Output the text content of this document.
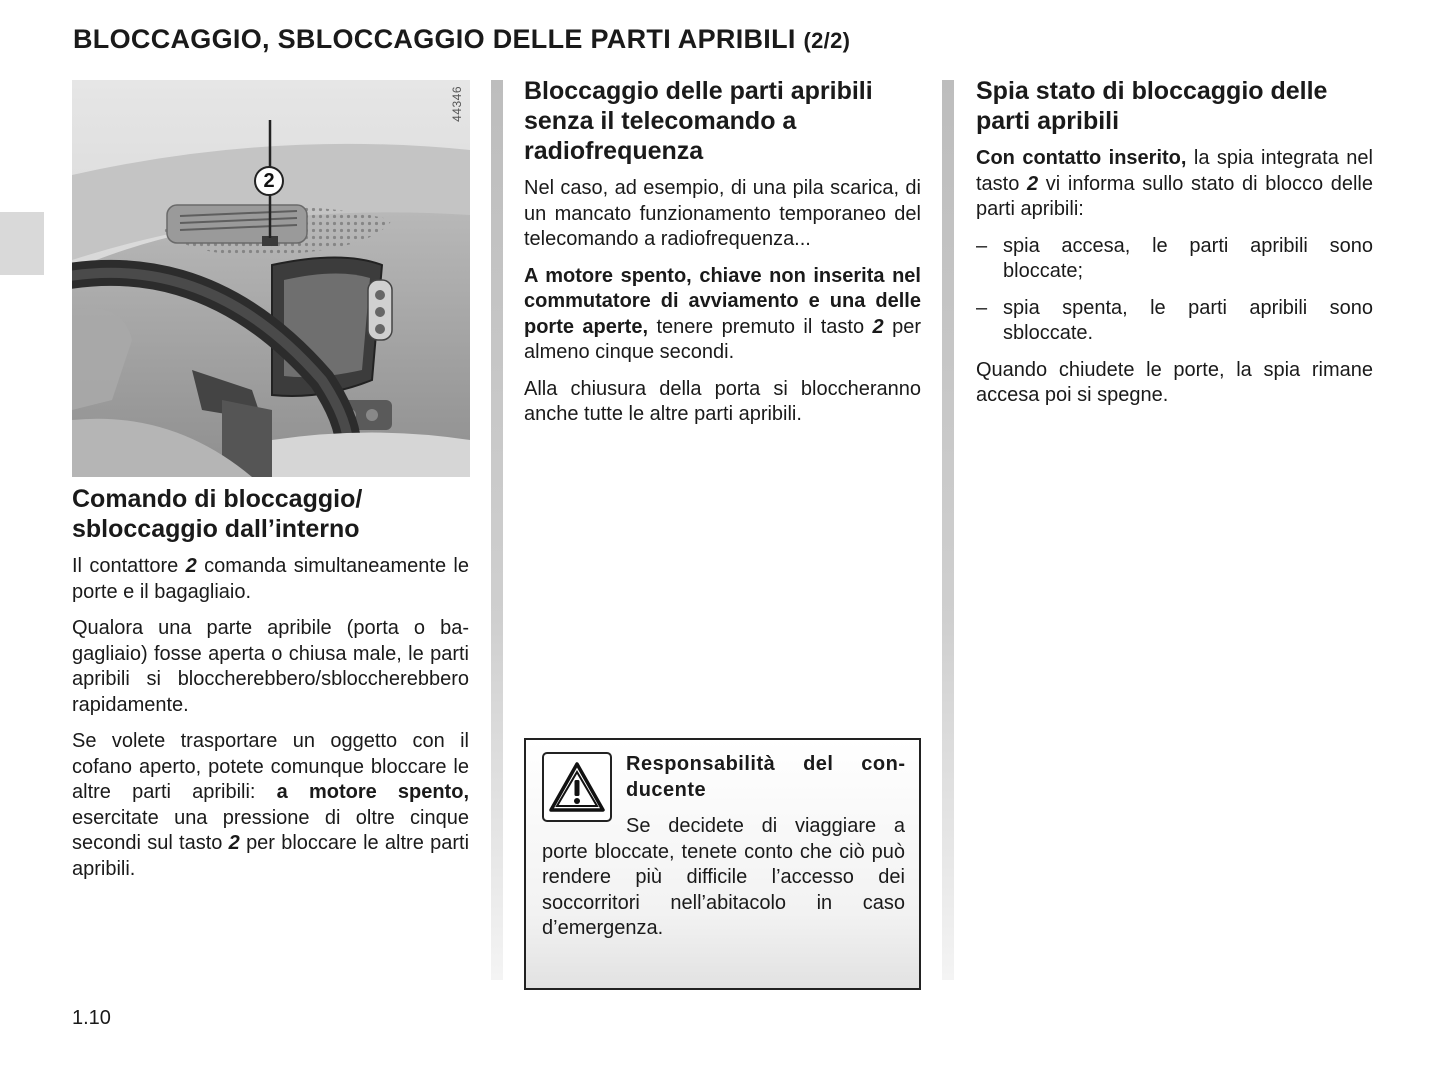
BLOCCAGGIO, SBLOCCAGGIO DELLE PARTI APRIBILI (2/2)
44346
2
Comando di bloccaggio/ sbloccaggio dall’interno

Il contattore 2 comanda simultaneamente le porte e il bagagliaio.

Qualora una parte apribile (porta o bagagliaio) fosse aperta o chiusa male, le parti apribili si bloccherebbero/sbloccherebbero rapidamente.

Se volete trasportare un oggetto con il cofano aperto, potete comunque bloccare le altre parti apribili: a motore spento, esercitate una pressione di oltre cinque secondi sul tasto 2 per bloccare le altre parti apribili.

Bloccaggio delle parti apribili senza il telecomando a radiofrequenza

Nel caso, ad esempio, di una pila scarica, di un mancato funzionamento temporaneo del telecomando a radiofrequenza...

A motore spento, chiave non inserita nel commutatore di avviamento e una delle porte aperte, tenere premuto il tasto 2 per almeno cinque secondi.

Alla chiusura della porta si bloccheranno anche tutte le altre parti apribili.

Responsabilità del conducente

Se decidete di viaggiare a porte bloccate, tenete conto che ciò può rendere più difficile l’accesso dei soccorritori nell’abitacolo in caso d’emergenza.

Spia stato di bloccaggio delle parti apribili

Con contatto inserito, la spia integrata nel tasto 2 vi informa sullo stato di blocco delle parti apribili:

– spia accesa, le parti apribili sono bloccate;
– spia spenta, le parti apribili sono sbloccate.

Quando chiudete le porte, la spia rimane accesa poi si spegne.

1.10
